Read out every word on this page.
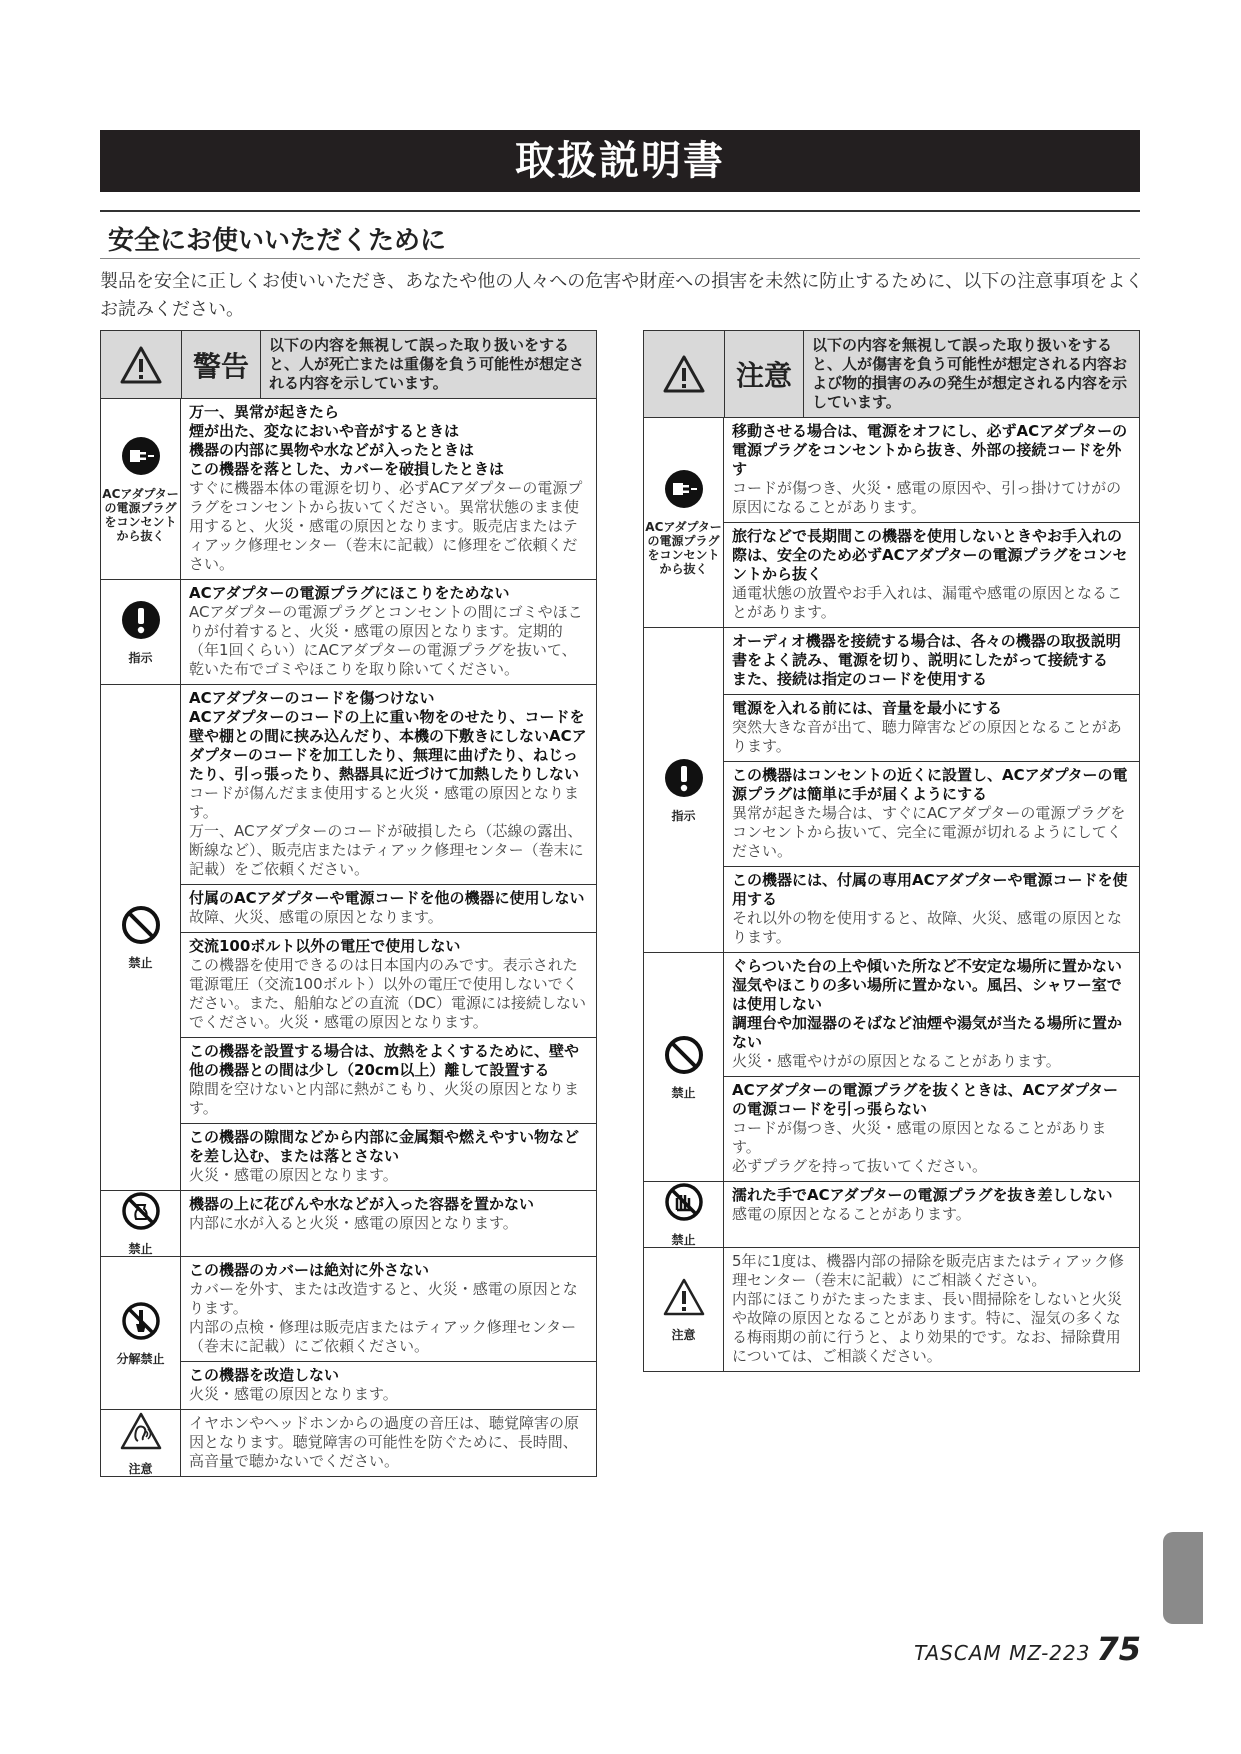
取扱説明書
安全にお使いいただくために
製品を安全に正しくお使いいただき、あなたや他の人々への危害や財産への損害を未然に防止するために、以下の注意事項をよくお読みください。
警告
以下の内容を無視して誤った取り扱いをすると、人が死亡または重傷を負う可能性が想定される内容を示しています。
ACアダプターの電源プラグをコンセントから抜く
万一、異常が起きたら
煙が出た、変なにおいや音がするときは
機器の内部に異物や水などが入ったときは
この機器を落とした、カバーを破損したときは
すぐに機器本体の電源を切り、必ずACアダプターの電源プラグをコンセントから抜いてください。異常状態のまま使用すると、火災・感電の原因となります。販売店またはティアック修理センター（巻末に記載）に修理をご依頼ください。
指示
ACアダプターの電源プラグにほこりをためない
ACアダプターの電源プラグとコンセントの間にゴミやほこりが付着すると、火災・感電の原因となります。定期的（年1回くらい）にACアダプターの電源プラグを抜いて、乾いた布でゴミやほこりを取り除いてください。
禁止
ACアダプターのコードを傷つけない
ACアダプターのコードの上に重い物をのせたり、コードを壁や棚との間に挟み込んだり、本機の下敷きにしないACアダプターのコードを加工したり、無理に曲げたり、ねじったり、引っ張ったり、熱器具に近づけて加熱したりしない
コードが傷んだまま使用すると火災・感電の原因となります。
万一、ACアダプターのコードが破損したら（芯線の露出、断線など）、販売店またはティアック修理センター（巻末に記載）をご依頼ください。
付属のACアダプターや電源コードを他の機器に使用しない
故障、火災、感電の原因となります。
交流100ボルト以外の電圧で使用しない
この機器を使用できるのは日本国内のみです。表示された電源電圧（交流100ボルト）以外の電圧で使用しないでください。また、船舶などの直流（DC）電源には接続しないでください。火災・感電の原因となります。
この機器を設置する場合は、放熱をよくするために、壁や他の機器との間は少し（20cm以上）離して設置する
隙間を空けないと内部に熱がこもり、火災の原因となります。
この機器の隙間などから内部に金属類や燃えやすい物などを差し込む、または落とさない
火災・感電の原因となります。
禁止
機器の上に花びんや水などが入った容器を置かない
内部に水が入ると火災・感電の原因となります。
分解禁止
この機器のカバーは絶対に外さない
カバーを外す、または改造すると、火災・感電の原因となります。
内部の点検・修理は販売店またはティアック修理センター（巻末に記載）にご依頼ください。
この機器を改造しない
火災・感電の原因となります。
注意
イヤホンやヘッドホンからの過度の音圧は、聴覚障害の原因となります。聴覚障害の可能性を防ぐために、長時間、高音量で聴かないでください。
注意
以下の内容を無視して誤った取り扱いをすると、人が傷害を負う可能性が想定される内容および物的損害のみの発生が想定される内容を示しています。
ACアダプターの電源プラグをコンセントから抜く
移動させる場合は、電源をオフにし、必ずACアダプターの電源プラグをコンセントから抜き、外部の接続コードを外す
コードが傷つき、火災・感電の原因や、引っ掛けてけがの原因になることがあります。
旅行などで長期間この機器を使用しないときやお手入れの際は、安全のため必ずACアダプターの電源プラグをコンセントから抜く
通電状態の放置やお手入れは、漏電や感電の原因となることがあります。
指示
オーディオ機器を接続する場合は、各々の機器の取扱説明書をよく読み、電源を切り、説明にしたがって接続する
また、接続は指定のコードを使用する
電源を入れる前には、音量を最小にする
突然大きな音が出て、聴力障害などの原因となることがあります。
この機器はコンセントの近くに設置し、ACアダプターの電源プラグは簡単に手が届くようにする
異常が起きた場合は、すぐにACアダプターの電源プラグをコンセントから抜いて、完全に電源が切れるようにしてください。
この機器には、付属の専用ACアダプターや電源コードを使用する
それ以外の物を使用すると、故障、火災、感電の原因となります。
禁止
ぐらついた台の上や傾いた所など不安定な場所に置かない
湿気やほこりの多い場所に置かない。風呂、シャワー室では使用しない
調理台や加湿器のそばなど油煙や湯気が当たる場所に置かない
火災・感電やけがの原因となることがあります。
ACアダプターの電源プラグを抜くときは、ACアダプターの電源コードを引っ張らない
コードが傷つき、火災・感電の原因となることがあります。
必ずプラグを持って抜いてください。
禁止
濡れた手でACアダプターの電源プラグを抜き差ししない
感電の原因となることがあります。
注意
5年に1度は、機器内部の掃除を販売店またはティアック修理センター（巻末に記載）にご相談ください。
内部にほこりがたまったまま、長い間掃除をしないと火災や故障の原因となることがあります。特に、湿気の多くなる梅雨期の前に行うと、より効果的です。なお、掃除費用については、ご相談ください。
TASCAM MZ-223 75
